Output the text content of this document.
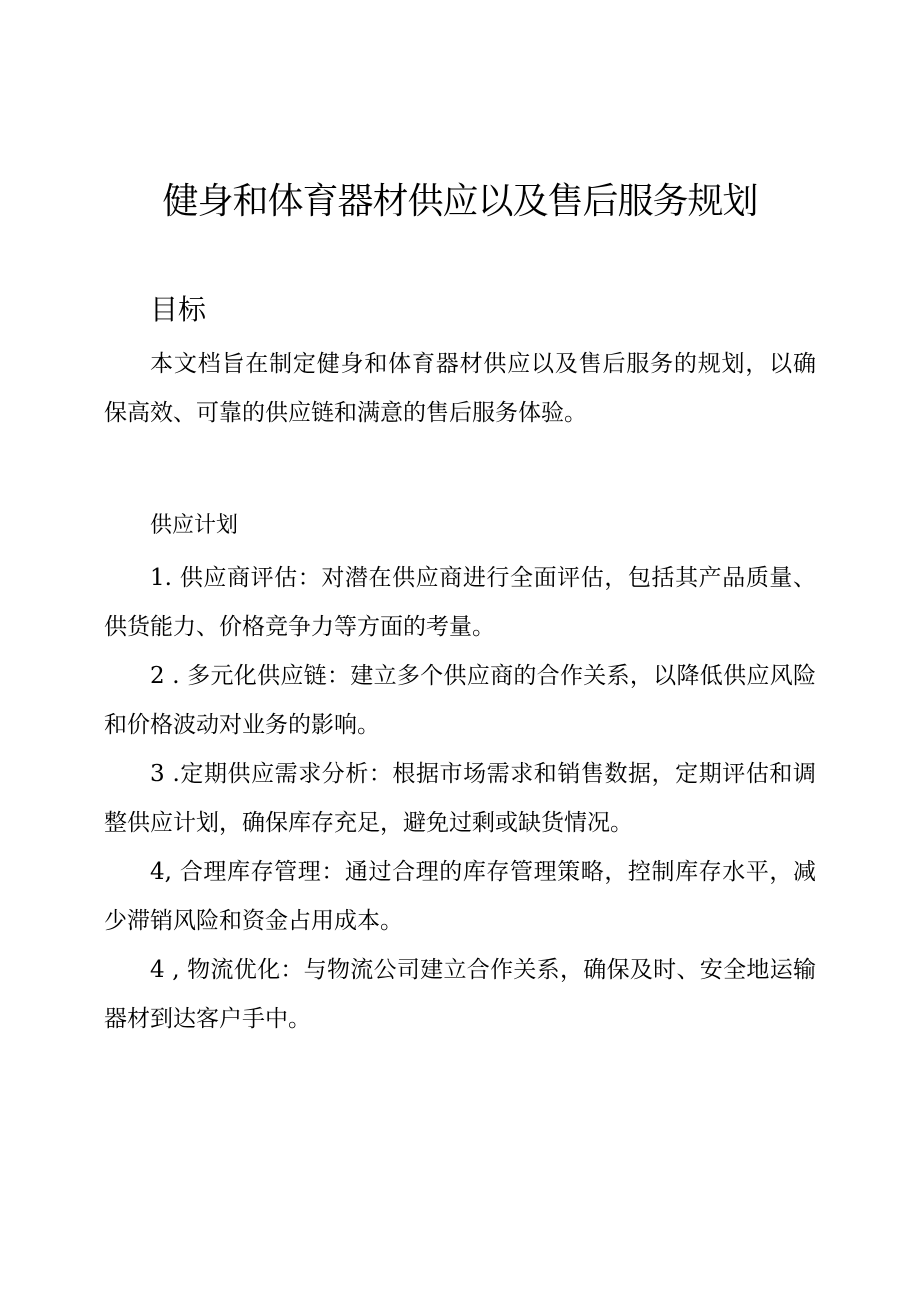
健身和体育器材供应以及售后服务规划
目标

本文档旨在制定健身和体育器材供应以及售后服务的规划，以确保高效、可靠的供应链和满意的售后服务体验。

供应计划

1. 供应商评估：对潜在供应商进行全面评估，包括其产品质量、供货能力、价格竞争力等方面的考量。

2 . 多元化供应链：建立多个供应商的合作关系，以降低供应风险和价格波动对业务的影响。

3 .定期供应需求分析：根据市场需求和销售数据，定期评估和调整供应计划，确保库存充足，避免过剩或缺货情况。

4, 合理库存管理：通过合理的库存管理策略，控制库存水平，减少滞销风险和资金占用成本。

4 , 物流优化：与物流公司建立合作关系，确保及时、安全地运输器材到达客户手中。
